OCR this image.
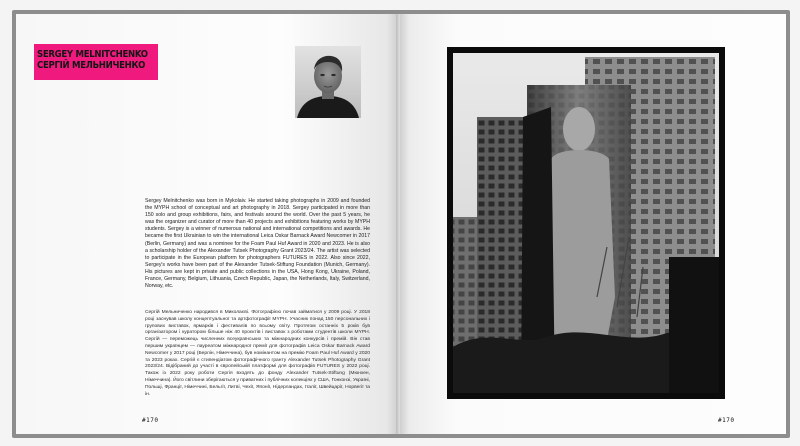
SERGEY MELNITCHENKO
СЕРГІЙ МЕЛЬНИЧЕНКО
Sergey Melnitchenko was born in Mykolaiv. He started taking photographs in 2009 and founded the MYPH school of conceptual and art photography in 2018. Sergey participated in more than 150 solo and group exhibitions, fairs, and festivals around the world. Over the past 5 years, he was the organizer and curator of more than 40 projects and exhibitions featuring works by MYPH students. Sergey is a winner of numerous national and international competitions and awards. He became the first Ukrainian to win the international Leica Oskar Barnack Award Newcomer in 2017 (Berlin, Germany) and was a nominee for the Foam Paul Huf Award in 2020 and 2023. He is also a scholarship holder of the Alexander Tutsek Photography Grant 2023/24. The artist was selected to participate in the European platform for photographers FUTURES in 2022. Also since 2022, Sergey's works have been part of the Alexander Tutsek-Stiftung Foundation (Munich, Germany). His pictures are kept in private and public collections in the USA, Hong Kong, Ukraine, Poland, France, Germany, Belgium, Lithuania, Czech Republic, Japan, the Netherlands, Italy, Switzerland, Norway, etc.
Сергій Мельниченко народився в Миколаєві. Фотографією почав займатися у 2009 році. У 2018 році заснував школу концептуальної та артфотографії MYPH. Учасник понад 150 персональних і групових виставок, ярмарків і фестивалів по всьому світу. Протягом останніх 5 років був організатором і куратором більше ніж 40 проєктів і виставок з роботами студентів школи MYPH. Сергій — переможець численних всеукраїнських та міжнародних конкурсів і премій. Він став першим українцем — лауреатом міжнародної премії для фотографів Leica Oskar Barnack Award Newcomer у 2017 році (Берлін, Німеччина), був номінантом на премію Foam Paul Huf Award у 2020 та 2023 роках. Сергій є стипендіатом фотографічного гранту Alexander Tutsek Photography Grant 2023/24. Відібраний до участі в європейській платформі для фотографів FUTURES у 2022 році. Також із 2022 року роботи Сергія входять до фонду Alexander Tutsek-Stiftung (Мюнхен, Німеччина). Його світлини зберігаються у приватних і публічних колекціях у США, Гонконзі, Україні, Польщі, Франції, Німеччині, Бельгії, Литві, Чехії, Японії, Нідерландах, Італії, Швейцарії, Норвегії та ін.
#170	#170
